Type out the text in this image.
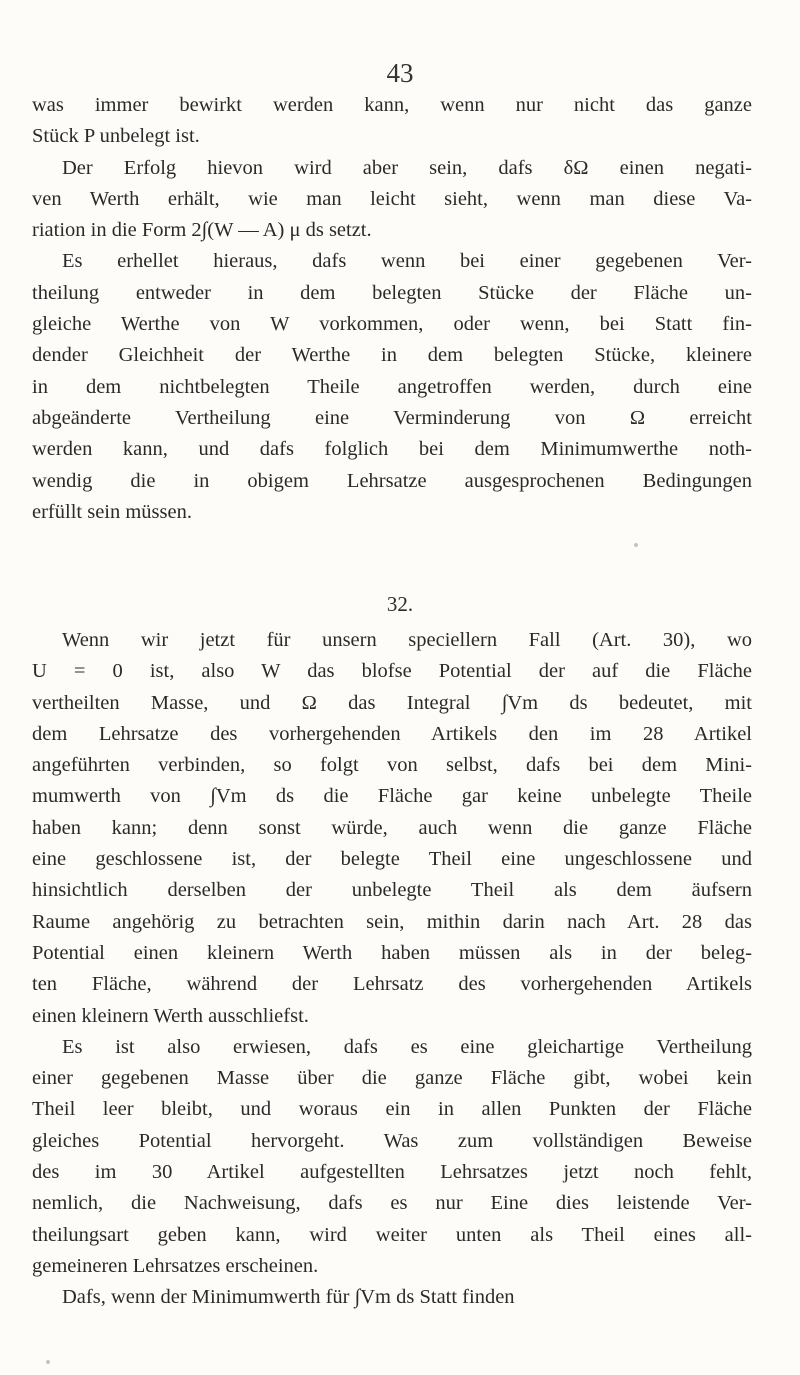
43
was immer bewirkt werden kann, wenn nur nicht das ganze
Stück P unbelegt ist.
Der Erfolg hievon wird aber sein, dafs δΩ einen negati-
ven Werth erhält, wie man leicht sieht, wenn man diese Va-
riation in die Form 2∫(W — A) μ ds setzt.
Es erhellet hieraus, dafs wenn bei einer gegebenen Ver-
theilung entweder in dem belegten Stücke der Fläche un-
gleiche Werthe von W vorkommen, oder wenn, bei Statt fin-
dender Gleichheit der Werthe in dem belegten Stücke, kleinere
in dem nichtbelegten Theile angetroffen werden, durch eine
abgeänderte Vertheilung eine Verminderung von Ω erreicht
werden kann, und dafs folglich bei dem Minimumwerthe noth-
wendig die in obigem Lehrsatze ausgesprochenen Bedingungen
erfüllt sein müssen.
32.
Wenn wir jetzt für unsern speciellern Fall (Art. 30), wo
U = 0 ist, also W das blofse Potential der auf die Fläche
vertheilten Masse, und Ω das Integral ∫Vm ds bedeutet, mit
dem Lehrsatze des vorhergehenden Artikels den im 28 Artikel
angeführten verbinden, so folgt von selbst, dafs bei dem Mini-
mumwerth von ∫Vm ds die Fläche gar keine unbelegte Theile
haben kann; denn sonst würde, auch wenn die ganze Fläche
eine geschlossene ist, der belegte Theil eine ungeschlossene und
hinsichtlich derselben der unbelegte Theil als dem äufsern
Raume angehörig zu betrachten sein, mithin darin nach Art. 28 das
Potential einen kleinern Werth haben müssen als in der beleg-
ten Fläche, während der Lehrsatz des vorhergehenden Artikels
einen kleinern Werth ausschliefst.
Es ist also erwiesen, dafs es eine gleichartige Vertheilung
einer gegebenen Masse über die ganze Fläche gibt, wobei kein
Theil leer bleibt, und woraus ein in allen Punkten der Fläche
gleiches Potential hervorgeht. Was zum vollständigen Beweise
des im 30 Artikel aufgestellten Lehrsatzes jetzt noch fehlt,
nemlich, die Nachweisung, dafs es nur Eine dies leistende Ver-
theilungsart geben kann, wird weiter unten als Theil eines all-
gemeineren Lehrsatzes erscheinen.
Dafs, wenn der Minimumwerth für ∫Vm ds Statt finden
